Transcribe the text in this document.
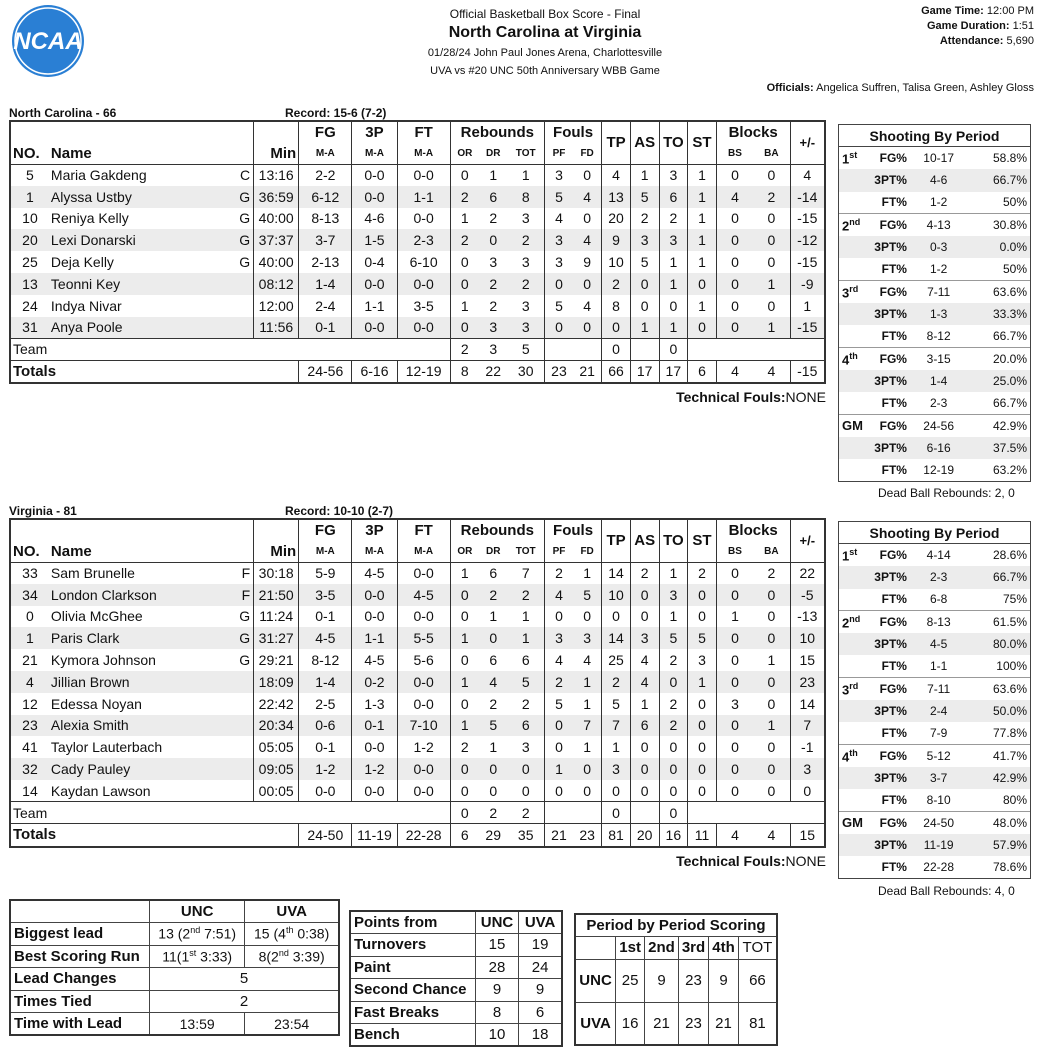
NCAA
Official Basketball Box Score - Final
North Carolina at Virginia
01/28/24 John Paul Jones Arena, Charlottesville
UVA vs #20 UNC 50th Anniversary WBB Game
Game Time: 12:00 PM
Game Duration: 1:51
Attendance: 5,690
Officials: Angelica Suffren, Talisa Green, Ashley Gloss
North Carolina - 66	Record: 15-6 (7-2)
			FG	3P	FT	Rebounds			Fouls		TP	AS	TO	ST	Blocks		+/-
NO.	Name	Min	M-A	M-A	M-A	OR	DR	TOT	PF	FD					BS	BA	
5	Maria Gakdeng C	13:16	2-2	0-0	0-0	0	1	1	3	0	4	1	3	1	0	0	4
1	Alyssa Ustby G	36:59	6-12	0-0	1-1	2	6	8	5	4	13	5	6	1	4	2	-14
10	Reniya Kelly G	40:00	8-13	4-6	0-0	1	2	3	4	0	20	2	2	1	0	0	-15
20	Lexi Donarski G	37:37	3-7	1-5	2-3	2	0	2	3	4	9	3	3	1	0	0	-12
25	Deja Kelly G	40:00	2-13	0-4	6-10	0	3	3	3	9	10	5	1	1	0	0	-15
13	Teonni Key	08:12	1-4	0-0	0-0	0	2	2	0	0	2	0	1	0	0	1	-9
24	Indya Nivar	12:00	2-4	1-1	3-5	1	2	3	5	4	8	0	0	1	0	0	1
31	Anya Poole	11:56	0-1	0-0	0-0	0	3	3	0	0	0	1	1	0	0	1	-15
Team						2	3	5			0		0				
Totals			24-56	6-16	12-19	8	22	30	23	21	66	17	17	6	4	4	-15
Technical Fouls:NONE
Virginia - 81	Record: 10-10 (2-7)
			FG	3P	FT	Rebounds			Fouls		TP	AS	TO	ST	Blocks		+/-
NO.	Name	Min	M-A	M-A	M-A	OR	DR	TOT	PF	FD					BS	BA	
33	Sam Brunelle F	30:18	5-9	4-5	0-0	1	6	7	2	1	14	2	1	2	0	2	22
34	London Clarkson F	21:50	3-5	0-0	4-5	0	2	2	4	5	10	0	3	0	0	0	-5
0	Olivia McGhee G	11:24	0-1	0-0	0-0	0	1	1	0	0	0	0	1	0	1	0	-13
1	Paris Clark G	31:27	4-5	1-1	5-5	1	0	1	3	3	14	3	5	5	0	0	10
21	Kymora Johnson G	29:21	8-12	4-5	5-6	0	6	6	4	4	25	4	2	3	0	1	15
4	Jillian Brown	18:09	1-4	0-2	0-0	1	4	5	2	1	2	4	0	1	0	0	23
12	Edessa Noyan	22:42	2-5	1-3	0-0	0	2	2	5	1	5	1	2	0	3	0	14
23	Alexia Smith	20:34	0-6	0-1	7-10	1	5	6	0	7	7	6	2	0	0	1	7
41	Taylor Lauterbach	05:05	0-1	0-0	1-2	2	1	3	0	1	1	0	0	0	0	0	-1
32	Cady Pauley	09:05	1-2	1-2	0-0	0	0	0	1	0	3	0	0	0	0	0	3
14	Kaydan Lawson	00:05	0-0	0-0	0-0	0	0	0	0	0	0	0	0	0	0	0	0
Team						0	2	2			0		0				
Totals			24-50	11-19	22-28	6	29	35	21	23	81	20	16	11	4	4	15
Technical Fouls:NONE
Shooting By Period
1st	FG%	10-17	58.8%
	3PT%	4-6	66.7%
	FT%	1-2	50%
2nd	FG%	4-13	30.8%
	3PT%	0-3	0.0%
	FT%	1-2	50%
3rd	FG%	7-11	63.6%
	3PT%	1-3	33.3%
	FT%	8-12	66.7%
4th	FG%	3-15	20.0%
	3PT%	1-4	25.0%
	FT%	2-3	66.7%
GM	FG%	24-56	42.9%
	3PT%	6-16	37.5%
	FT%	12-19	63.2%
Shooting By Period
1st	FG%	4-14	28.6%
	3PT%	2-3	66.7%
	FT%	6-8	75%
2nd	FG%	8-13	61.5%
	3PT%	4-5	80.0%
	FT%	1-1	100%
3rd	FG%	7-11	63.6%
	3PT%	2-4	50.0%
	FT%	7-9	77.8%
4th	FG%	5-12	41.7%
	3PT%	3-7	42.9%
	FT%	8-10	80%
GM	FG%	24-50	48.0%
	3PT%	11-19	57.9%
	FT%	22-28	78.6%
Dead Ball Rebounds: 2, 0
Dead Ball Rebounds: 4, 0
	UNC	UVA
Biggest lead	13 (2nd 7:51)	15 (4th 0:38)
Best Scoring Run	11(1st 3:33)	8(2nd 3:39)
Lead Changes	5	
Times Tied	2	
Time with Lead	13:59	23:54
Points from	UNC	UVA
Turnovers	15	19
Paint	28	24
Second Chance	9	9
Fast Breaks	8	6
Bench	10	18
Period by Period Scoring					
	1st	2nd	3rd	4th	TOT
UNC	25	9	23	9	66
UVA	16	21	23	21	81
